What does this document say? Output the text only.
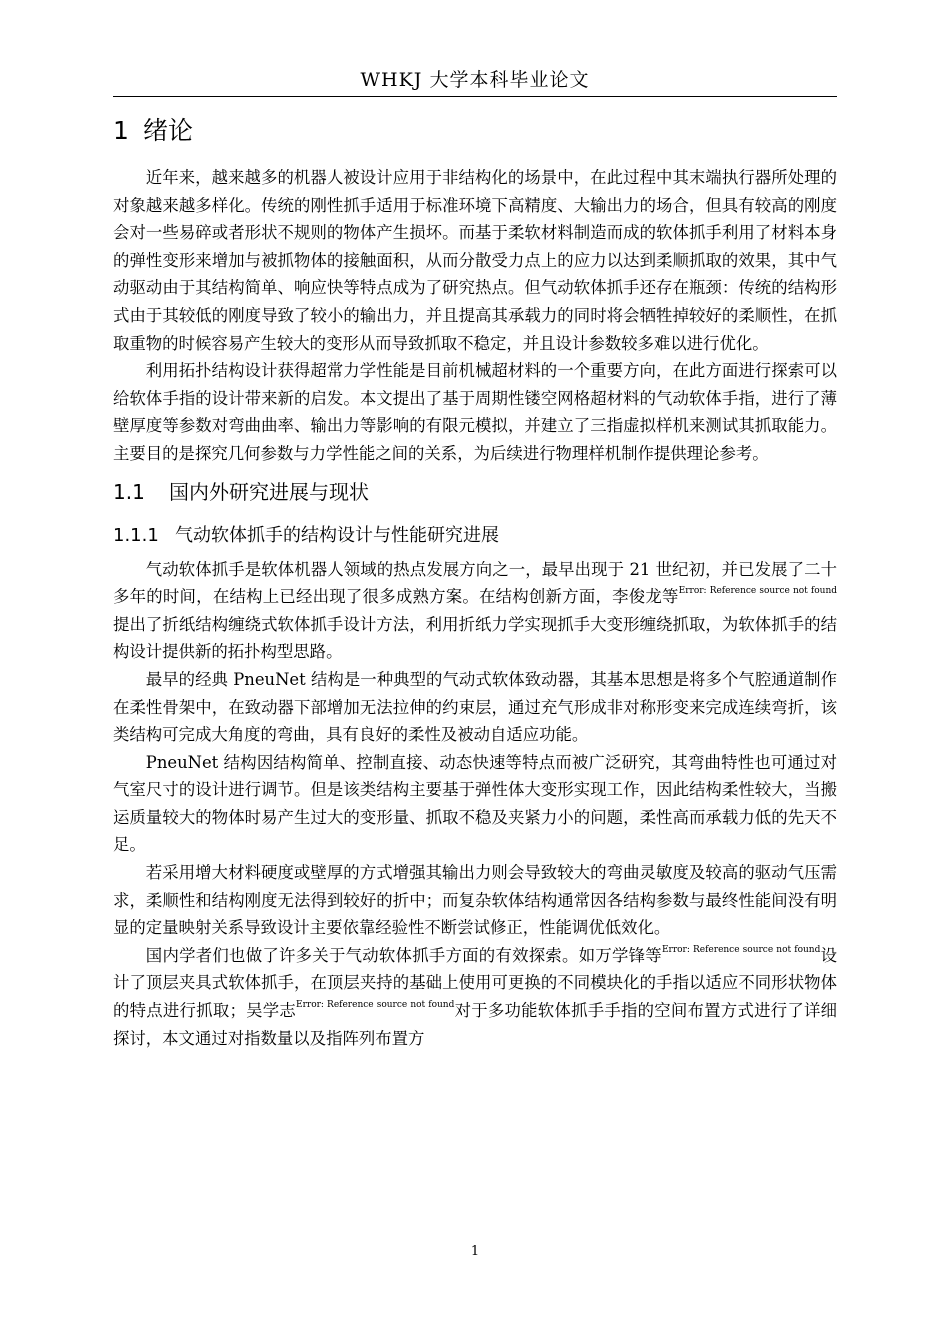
WHKJ 大学本科毕业论文
1 绪论

近年来，越来越多的机器人被设计应用于非结构化的场景中，在此过程中其末端执行器所处理的对象越来越多样化。传统的刚性抓手适用于标准环境下高精度、大输出力的场合，但具有较高的刚度会对一些易碎或者形状不规则的物体产生损坏。而基于柔软材料制造而成的软体抓手利用了材料本身的弹性变形来增加与被抓物体的接触面积，从而分散受力点上的应力以达到柔顺抓取的效果，其中气动驱动由于其结构简单、响应快等特点成为了研究热点。但气动软体抓手还存在瓶颈：传统的结构形式由于其较低的刚度导致了较小的输出力，并且提高其承载力的同时将会牺牲掉较好的柔顺性，在抓取重物的时候容易产生较大的变形从而导致抓取不稳定，并且设计参数较多难以进行优化。

利用拓扑结构设计获得超常力学性能是目前机械超材料的一个重要方向，在此方面进行探索可以给软体手指的设计带来新的启发。本文提出了基于周期性镂空网格超材料的气动软体手指，进行了薄壁厚度等参数对弯曲曲率、输出力等影响的有限元模拟，并建立了三指虚拟样机来测试其抓取能力。主要目的是探究几何参数与力学性能之间的关系，为后续进行物理样机制作提供理论参考。

1.1 国内外研究进展与现状
1.1.1 气动软体抓手的结构设计与性能研究进展

气动软体抓手是软体机器人领域的热点发展方向之一，最早出现于 21 世纪初，并已发展了二十多年的时间，在结构上已经出现了很多成熟方案。在结构创新方面，李俊龙等$^{Error: Reference source not found}$提出了折纸结构缠绕式软体抓手设计方法，利用折纸力学实现抓手大变形缠绕抓取，为软体抓手的结构设计提供新的拓扑构型思路。

最早的经典 PneuNet 结构是一种典型的气动式软体致动器，其基本思想是将多个气腔通道制作在柔性骨架中，在致动器下部增加无法拉伸的约束层，通过充气形成非对称形变来完成连续弯折，该类结构可完成大角度的弯曲，具有良好的柔性及被动自适应功能。

PneuNet 结构因结构简单、控制直接、动态快速等特点而被广泛研究，其弯曲特性也可通过对气室尺寸的设计进行调节。但是该类结构主要基于弹性体大变形实现工作，因此结构柔性较大，当搬运质量较大的物体时易产生过大的变形量、抓取不稳及夹紧力小的问题，柔性高而承载力低的先天不足。

若采用增大材料硬度或壁厚的方式增强其输出力则会导致较大的弯曲灵敏度及较高的驱动气压需求，柔顺性和结构刚度无法得到较好的折中；而复杂软体结构通常因各结构参数与最终性能间没有明显的定量映射关系导致设计主要依靠经验性不断尝试修正，性能调优低效化。

国内学者们也做了许多关于气动软体抓手方面的有效探索。如万学锋等$^{Error: Reference source not found}$设计了顶层夹具式软体抓手，在顶层夹持的基础上使用可更换的不同模块化的手指以适应不同形状物体的特点进行抓取；吴学志$^{Error: Reference source not found}$对于多功能软体抓手手指的空间布置方式进行了详细探讨，本文通过对指数量以及指阵列布置方

1
